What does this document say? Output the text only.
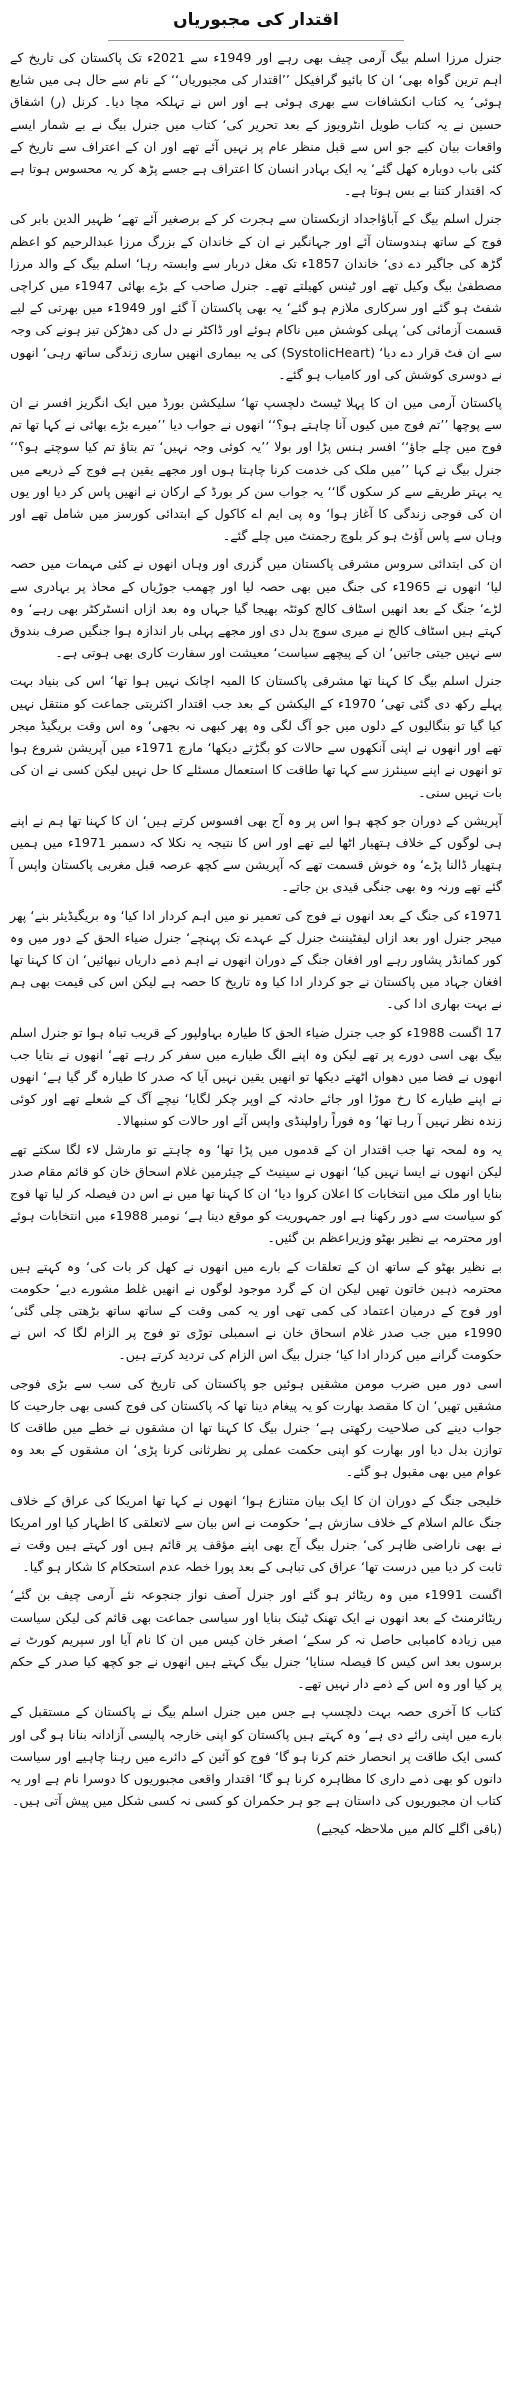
اقتدار کی مجبوریاں

جنرل مرزا اسلم بیگ آرمی چیف بھی رہے اور 1949ء سے 2021ء تک پاکستان کی تاریخ کے اہم ترین گواہ بھی‘ ان کا بائیو گرافیکل ’’اقتدار کی مجبوریاں‘‘ کے نام سے حال ہی میں شایع ہوئی‘ یہ کتاب انکشافات سے بھری ہوئی ہے اور اس نے تہلکہ مچا دیا۔ کرنل (ر) اشفاق حسین نے یہ کتاب طویل انٹرویوز کے بعد تحریر کی‘ کتاب میں جنرل بیگ نے بے شمار ایسے واقعات بیان کیے جو اس سے قبل منظر عام پر نہیں آئے تھے اور ان کے اعتراف سے تاریخ کے کئی باب دوبارہ کھل گئے‘ یہ ایک بہادر انسان کا اعتراف ہے جسے پڑھ کر یہ محسوس ہوتا ہے کہ اقتدار کتنا بے بس ہوتا ہے۔

جنرل اسلم بیگ کے آباؤاجداد ازبکستان سے ہجرت کر کے برصغیر آئے تھے‘ ظہیر الدین بابر کی فوج کے ساتھ ہندوستان آئے اور جہانگیر نے ان کے خاندان کے بزرگ مرزا عبدالرحیم کو اعظم گڑھ کی جاگیر دے دی‘ خاندان 1857ء تک مغل دربار سے وابستہ رہا‘ اسلم بیگ کے والد مرزا مصطفیٰ بیگ وکیل تھے اور ٹینس کھیلتے تھے۔ جنرل صاحب کے بڑے بھائی 1947ء میں کراچی شفٹ ہو گئے اور سرکاری ملازم ہو گئے‘ یہ بھی پاکستان آ گئے اور 1949ء میں بھرتی کے لیے قسمت آزمائی کی‘ پہلی کوشش میں ناکام ہوئے اور ڈاکٹر نے دل کی دھڑکن تیز ہونے کی وجہ سے ان فٹ قرار دے دیا‘ (SystolicHeart) کی یہ بیماری انھیں ساری زندگی ساتھ رہی‘ انھوں نے دوسری کوشش کی اور کامیاب ہو گئے۔

پاکستان آرمی میں ان کا پہلا ٹیسٹ دلچسپ تھا‘ سلیکشن بورڈ میں ایک انگریز افسر نے ان سے پوچھا ’’تم فوج میں کیوں آنا چاہتے ہو؟‘‘ انھوں نے جواب دیا ’’میرے بڑے بھائی نے کہا تھا تم فوج میں چلے جاؤ‘‘ افسر ہنس پڑا اور بولا ’’یہ کوئی وجہ نہیں‘ تم بتاؤ تم کیا سوچتے ہو؟‘‘ جنرل بیگ نے کہا ’’میں ملک کی خدمت کرنا چاہتا ہوں اور مجھے یقین ہے فوج کے ذریعے میں یہ بہتر طریقے سے کر سکوں گا‘‘ یہ جواب سن کر بورڈ کے ارکان نے انھیں پاس کر دیا اور یوں ان کی فوجی زندگی کا آغاز ہوا‘ وہ پی ایم اے کاکول کے ابتدائی کورسز میں شامل تھے اور وہاں سے پاس آؤٹ ہو کر بلوچ رجمنٹ میں چلے گئے۔

ان کی ابتدائی سروس مشرقی پاکستان میں گزری اور وہاں انھوں نے کئی مہمات میں حصہ لیا‘ انھوں نے 1965ء کی جنگ میں بھی حصہ لیا اور چھمب جوڑیاں کے محاذ پر بہادری سے لڑے‘ جنگ کے بعد انھیں اسٹاف کالج کوئٹہ بھیجا گیا جہاں وہ بعد ازاں انسٹرکٹر بھی رہے‘ وہ کہتے ہیں اسٹاف کالج نے میری سوچ بدل دی اور مجھے پہلی بار اندازہ ہوا جنگیں صرف بندوق سے نہیں جیتی جاتیں‘ ان کے پیچھے سیاست‘ معیشت اور سفارت کاری بھی ہوتی ہے۔

جنرل اسلم بیگ کا کہنا تھا مشرقی پاکستان کا المیہ اچانک نہیں ہوا تھا‘ اس کی بنیاد بہت پہلے رکھ دی گئی تھی‘ 1970ء کے الیکشن کے بعد جب اقتدار اکثریتی جماعت کو منتقل نہیں کیا گیا تو بنگالیوں کے دلوں میں جو آگ لگی وہ پھر کبھی نہ بجھی‘ وہ اس وقت بریگیڈ میجر تھے اور انھوں نے اپنی آنکھوں سے حالات کو بگڑتے دیکھا‘ مارچ 1971ء میں آپریشن شروع ہوا تو انھوں نے اپنے سینئرز سے کہا تھا طاقت کا استعمال مسئلے کا حل نہیں لیکن کسی نے ان کی بات نہیں سنی۔

آپریشن کے دوران جو کچھ ہوا اس پر وہ آج بھی افسوس کرتے ہیں‘ ان کا کہنا تھا ہم نے اپنے ہی لوگوں کے خلاف ہتھیار اٹھا لیے تھے اور اس کا نتیجہ یہ نکلا کہ دسمبر 1971ء میں ہمیں ہتھیار ڈالنا پڑے‘ وہ خوش قسمت تھے کہ آپریشن سے کچھ عرصہ قبل مغربی پاکستان واپس آ گئے تھے ورنہ وہ بھی جنگی قیدی بن جاتے۔

1971ء کی جنگ کے بعد انھوں نے فوج کی تعمیر نو میں اہم کردار ادا کیا‘ وہ بریگیڈیئر بنے‘ پھر میجر جنرل اور بعد ازاں لیفٹیننٹ جنرل کے عہدے تک پہنچے‘ جنرل ضیاء الحق کے دور میں وہ کور کمانڈر پشاور رہے اور افغان جنگ کے دوران انھوں نے اہم ذمے داریاں نبھائیں‘ ان کا کہنا تھا افغان جہاد میں پاکستان نے جو کردار ادا کیا وہ تاریخ کا حصہ ہے لیکن اس کی قیمت بھی ہم نے بہت بھاری ادا کی۔

17 اگست 1988ء کو جب جنرل ضیاء الحق کا طیارہ بہاولپور کے قریب تباہ ہوا تو جنرل اسلم بیگ بھی اسی دورے پر تھے لیکن وہ اپنے الگ طیارے میں سفر کر رہے تھے‘ انھوں نے بتایا جب انھوں نے فضا میں دھواں اٹھتے دیکھا تو انھیں یقین نہیں آیا کہ صدر کا طیارہ گر گیا ہے‘ انھوں نے اپنے طیارے کا رخ موڑا اور جائے حادثہ کے اوپر چکر لگایا‘ نیچے آگ کے شعلے تھے اور کوئی زندہ نظر نہیں آ رہا تھا‘ وہ فوراً راولپنڈی واپس آئے اور حالات کو سنبھالا۔

یہ وہ لمحہ تھا جب اقتدار ان کے قدموں میں پڑا تھا‘ وہ چاہتے تو مارشل لاء لگا سکتے تھے لیکن انھوں نے ایسا نہیں کیا‘ انھوں نے سینیٹ کے چیئرمین غلام اسحاق خان کو قائم مقام صدر بنایا اور ملک میں انتخابات کا اعلان کروا دیا‘ ان کا کہنا تھا میں نے اس دن فیصلہ کر لیا تھا فوج کو سیاست سے دور رکھنا ہے اور جمہوریت کو موقع دینا ہے‘ نومبر 1988ء میں انتخابات ہوئے اور محترمہ بے نظیر بھٹو وزیراعظم بن گئیں۔

بے نظیر بھٹو کے ساتھ ان کے تعلقات کے بارے میں انھوں نے کھل کر بات کی‘ وہ کہتے ہیں محترمہ ذہین خاتون تھیں لیکن ان کے گرد موجود لوگوں نے انھیں غلط مشورے دیے‘ حکومت اور فوج کے درمیان اعتماد کی کمی تھی اور یہ کمی وقت کے ساتھ ساتھ بڑھتی چلی گئی‘ 1990ء میں جب صدر غلام اسحاق خان نے اسمبلی توڑی تو فوج پر الزام لگا کہ اس نے حکومت گرانے میں کردار ادا کیا‘ جنرل بیگ اس الزام کی تردید کرتے ہیں۔

اسی دور میں ضرب مومن مشقیں ہوئیں جو پاکستان کی تاریخ کی سب سے بڑی فوجی مشقیں تھیں‘ ان کا مقصد بھارت کو یہ پیغام دینا تھا کہ پاکستان کی فوج کسی بھی جارحیت کا جواب دینے کی صلاحیت رکھتی ہے‘ جنرل بیگ کا کہنا تھا ان مشقوں نے خطے میں طاقت کا توازن بدل دیا اور بھارت کو اپنی حکمت عملی پر نظرثانی کرنا پڑی‘ ان مشقوں کے بعد وہ عوام میں بھی مقبول ہو گئے۔

خلیجی جنگ کے دوران ان کا ایک بیان متنازع ہوا‘ انھوں نے کہا تھا امریکا کی عراق کے خلاف جنگ عالم اسلام کے خلاف سازش ہے‘ حکومت نے اس بیان سے لاتعلقی کا اظہار کیا اور امریکا نے بھی ناراضی ظاہر کی‘ جنرل بیگ آج بھی اپنے مؤقف پر قائم ہیں اور کہتے ہیں وقت نے ثابت کر دیا میں درست تھا‘ عراق کی تباہی کے بعد پورا خطہ عدم استحکام کا شکار ہو گیا۔

اگست 1991ء میں وہ ریٹائر ہو گئے اور جنرل آصف نواز جنجوعہ نئے آرمی چیف بن گئے‘ ریٹائرمنٹ کے بعد انھوں نے ایک تھنک ٹینک بنایا اور سیاسی جماعت بھی قائم کی لیکن سیاست میں زیادہ کامیابی حاصل نہ کر سکے‘ اصغر خان کیس میں ان کا نام آیا اور سپریم کورٹ نے برسوں بعد اس کیس کا فیصلہ سنایا‘ جنرل بیگ کہتے ہیں انھوں نے جو کچھ کیا صدر کے حکم پر کیا اور وہ اس کے ذمے دار نہیں تھے۔

کتاب کا آخری حصہ بہت دلچسپ ہے جس میں جنرل اسلم بیگ نے پاکستان کے مستقبل کے بارے میں اپنی رائے دی ہے‘ وہ کہتے ہیں پاکستان کو اپنی خارجہ پالیسی آزادانہ بنانا ہو گی اور کسی ایک طاقت پر انحصار ختم کرنا ہو گا‘ فوج کو آئین کے دائرے میں رہنا چاہیے اور سیاست دانوں کو بھی ذمے داری کا مظاہرہ کرنا ہو گا‘ اقتدار واقعی مجبوریوں کا دوسرا نام ہے اور یہ کتاب ان مجبوریوں کی داستان ہے جو ہر حکمران کو کسی نہ کسی شکل میں پیش آتی ہیں۔

(باقی اگلے کالم میں ملاحظہ کیجیے)
